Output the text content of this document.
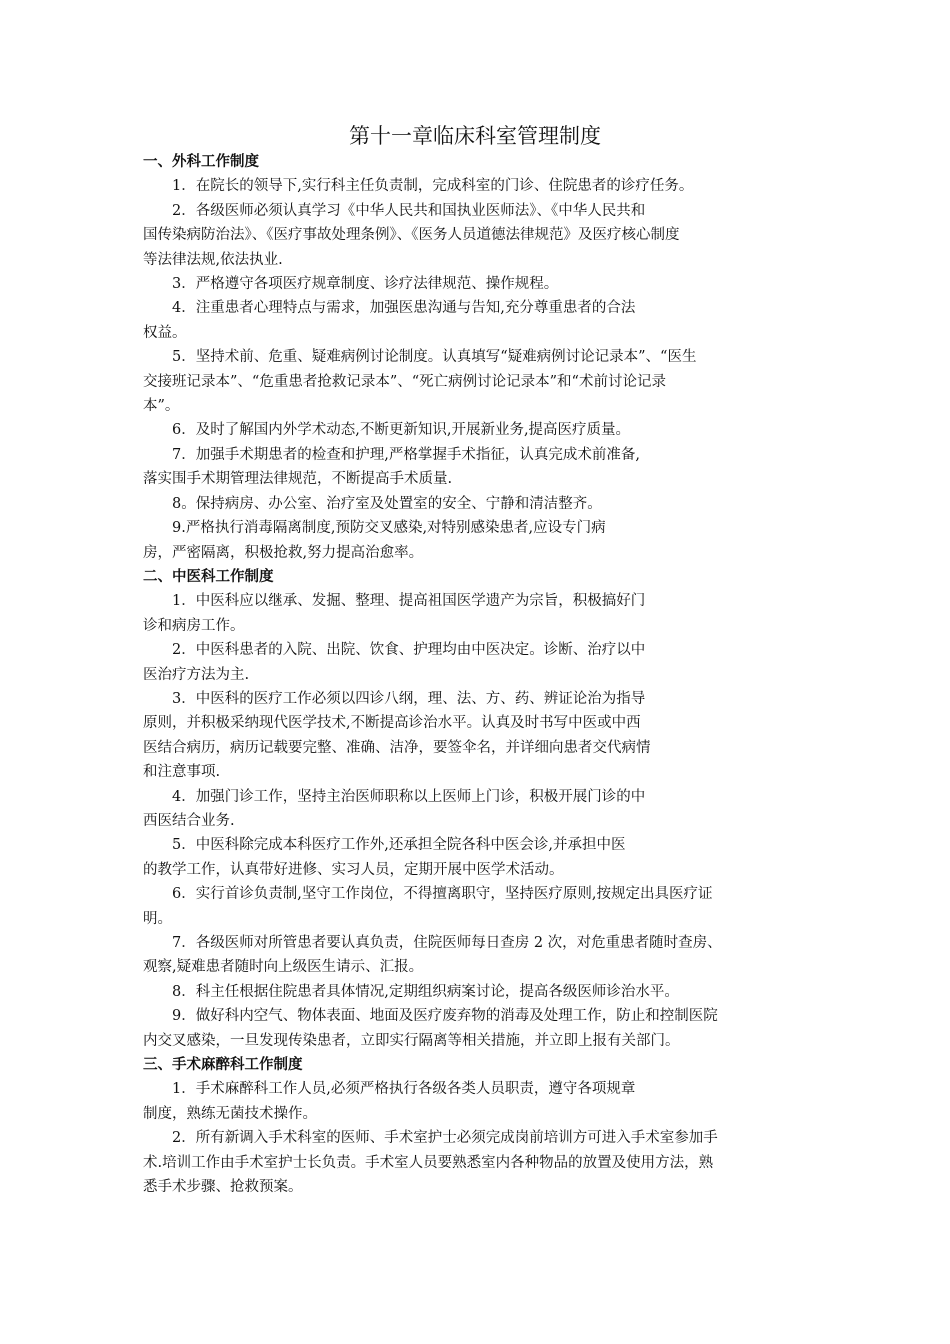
第十一章临床科室管理制度
一、外科工作制度
1．在院长的领导下,实行科主任负责制，完成科室的门诊、住院患者的诊疗任务。
2．各级医师必须认真学习《中华人民共和国执业医师法》、《中华人民共和
国传染病防治法》、《医疗事故处理条例》、《医务人员道德法律规范》及医疗核心制度
等法律法规,依法执业.
3．严格遵守各项医疗规章制度、诊疗法律规范、操作规程。
4．注重患者心理特点与需求，加强医患沟通与告知,充分尊重患者的合法
权益。
5．坚持术前、危重、疑难病例讨论制度。认真填写“疑难病例讨论记录本”、“医生
交接班记录本”、“危重患者抢救记录本”、“死亡病例讨论记录本”和“术前讨论记录
本”。
6．及时了解国内外学术动态,不断更新知识,开展新业务,提高医疗质量。
7．加强手术期患者的检查和护理,严格掌握手术指征，认真完成术前准备,
落实围手术期管理法律规范，不断提高手术质量.
8。保持病房、办公室、治疗室及处置室的安全、宁静和清洁整齐。
9.严格执行消毒隔离制度,预防交叉感染,对特别感染患者,应设专门病
房，严密隔离，积极抢救,努力提高治愈率。
二、中医科工作制度
1．中医科应以继承、发掘、整理、提高祖国医学遗产为宗旨，积极搞好门
诊和病房工作。
2．中医科患者的入院、出院、饮食、护理均由中医决定。诊断、治疗以中
医治疗方法为主.
3．中医科的医疗工作必须以四诊八纲，理、法、方、药、辨证论治为指导
原则，并积极采纳现代医学技术,不断提高诊治水平。认真及时书写中医或中西
医结合病历，病历记载要完整、准确、洁净，要签伞名，并详细向患者交代病情
和注意事项.
4．加强门诊工作，坚持主治医师职称以上医师上门诊，积极开展门诊的中
西医结合业务.
5．中医科除完成本科医疗工作外,还承担全院各科中医会诊,并承担中医
的教学工作，认真带好进修、实习人员，定期开展中医学术活动。
6．实行首诊负责制,坚守工作岗位，不得擅离职守，坚持医疗原则,按规定出具医疗证
明。
7．各级医师对所管患者要认真负责，住院医师每日查房 2 次，对危重患者随时查房、
观察,疑难患者随时向上级医生请示、汇报。
8．科主任根据住院患者具体情况,定期组织病案讨论，提高各级医师诊治水平。
9．做好科内空气、物体表面、地面及医疗废弃物的消毒及处理工作，防止和控制医院
内交叉感染，一旦发现传染患者，立即实行隔离等相关措施，并立即上报有关部门。
三、手术麻醉科工作制度
1．手术麻醉科工作人员,必须严格执行各级各类人员职责，遵守各项规章
制度，熟练无菌技术操作。
2．所有新调入手术科室的医师、手术室护士必须完成岗前培训方可进入手术室参加手
术.培训工作由手术室护士长负责。手术室人员要熟悉室内各种物品的放置及使用方法，熟
悉手术步骤、抢救预案。
